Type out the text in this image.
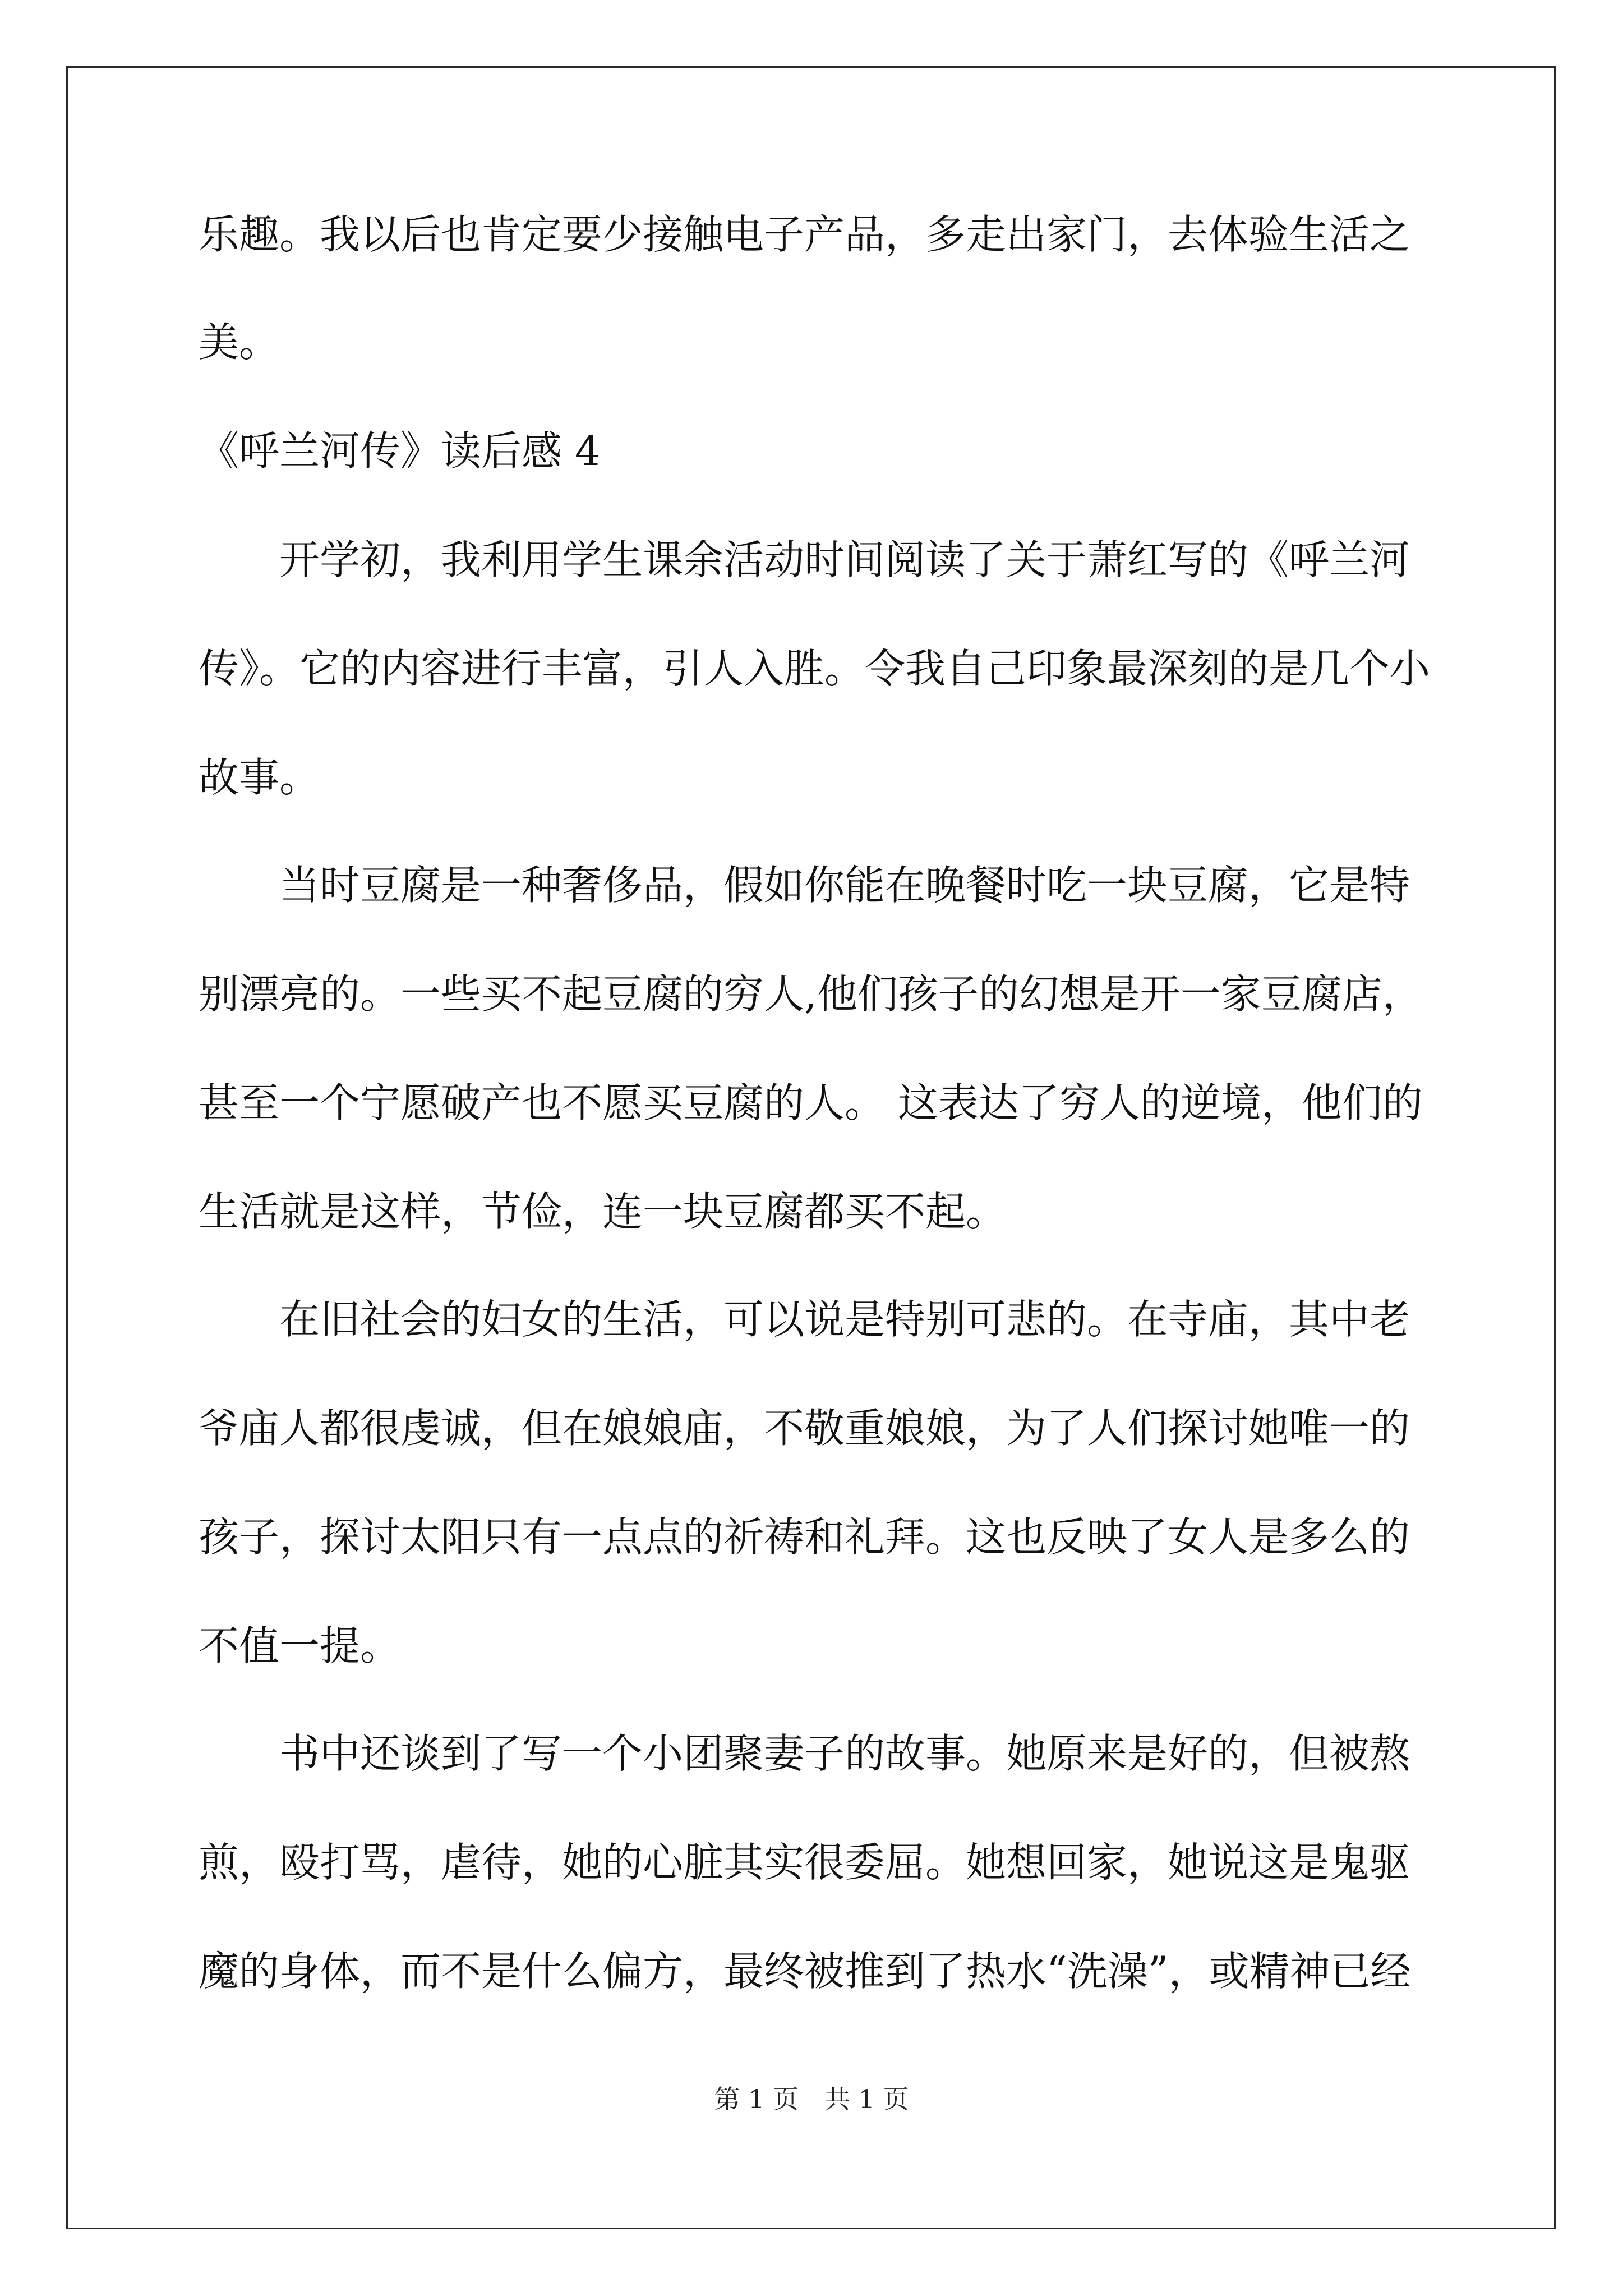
乐趣。我以后也肯定要少接触电子产品，多走出家门，去体验生活之
美。
《呼兰河传》读后感 4
　　开学初，我利用学生课余活动时间阅读了关于萧红写的《呼兰河
传》。它的内容进行丰富，引人入胜。令我自己印象最深刻的是几个小
故事。
　　当时豆腐是一种奢侈品，假如你能在晚餐时吃一块豆腐，它是特
别漂亮的。一些买不起豆腐的穷人,他们孩子的幻想是开一家豆腐店，
甚至一个宁愿破产也不愿买豆腐的人。 这表达了穷人的逆境，他们的
生活就是这样，节俭，连一块豆腐都买不起。
　　在旧社会的妇女的生活，可以说是特别可悲的。在寺庙，其中老
爷庙人都很虔诚，但在娘娘庙，不敬重娘娘，为了人们探讨她唯一的
孩子，探讨太阳只有一点点的祈祷和礼拜。这也反映了女人是多么的
不值一提。
　　书中还谈到了写一个小团聚妻子的故事。她原来是好的，但被熬
煎，殴打骂，虐待，她的心脏其实很委屈。她想回家，她说这是鬼驱
魔的身体，而不是什么偏方，最终被推到了热水“洗澡”，或精神已经
第 1 页　共 1 页
